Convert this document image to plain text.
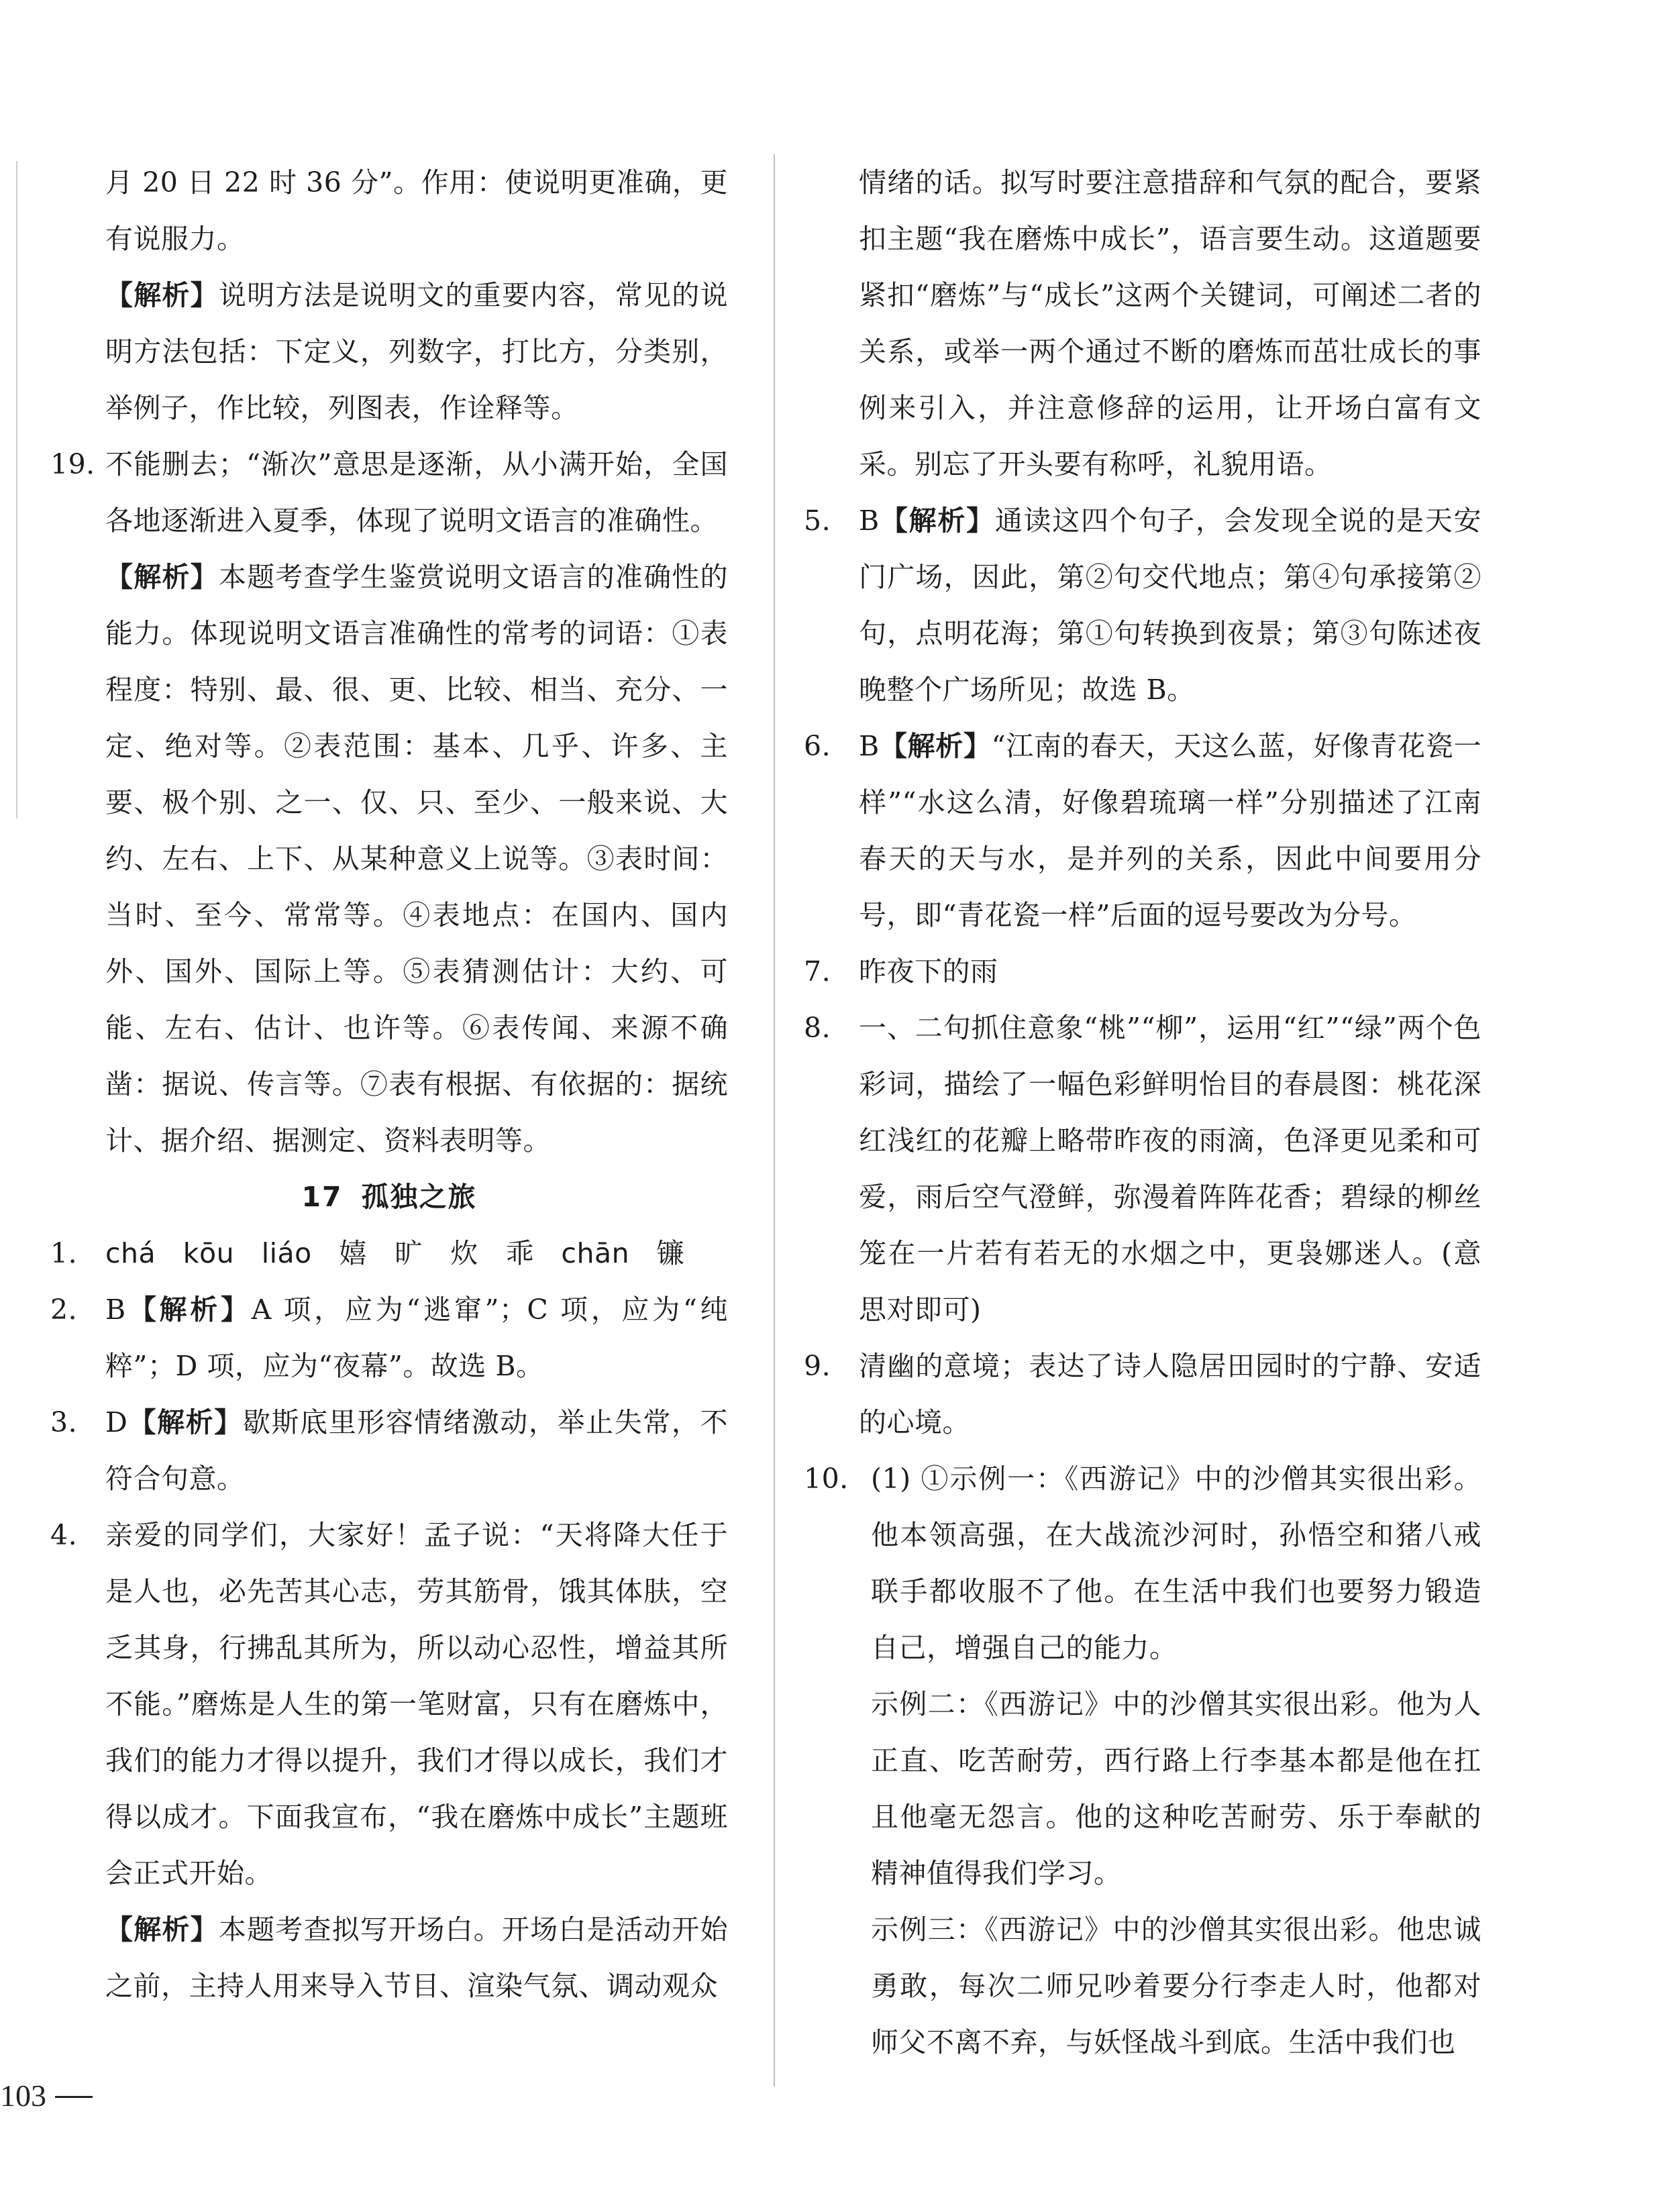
月 20 日 22 时 36 分”。作用：使说明更准确，更有说服力。

【解析】说明方法是说明文的重要内容，常见的说明方法包括：下定义，列数字，打比方，分类别，举例子，作比较，列图表，作诠释等。

19. 不能删去；“渐次”意思是逐渐，从小满开始，全国各地逐渐进入夏季，体现了说明文语言的准确性。

【解析】本题考查学生鉴赏说明文语言的准确性的能力。体现说明文语言准确性的常考的词语：①表程度：特别、最、很、更、比较、相当、充分、一定、绝对等。②表范围：基本、几乎、许多、主要、极个别、之一、仅、只、至少、一般来说、大约、左右、上下、从某种意义上说等。③表时间：当时、至今、常常等。④表地点：在国内、国内外、国外、国际上等。⑤表猜测估计：大约、可能、左右、估计、也许等。⑥表传闻、来源不确凿：据说、传言等。⑦表有根据、有依据的：据统计、据介绍、据测定、资料表明等。

17 孤独之旅

1. chá kōu liáo 嬉　旷　炊　乖 chān 镰

2. B【解析】A 项，应为“逃窜”；C 项，应为“纯粹”；D 项，应为“夜幕”。故选 B。

3. D【解析】歇斯底里形容情绪激动，举止失常，不符合句意。

4. 亲爱的同学们，大家好！孟子说：“天将降大任于是人也，必先苦其心志，劳其筋骨，饿其体肤，空乏其身，行拂乱其所为，所以动心忍性，增益其所不能。”磨炼是人生的第一笔财富，只有在磨炼中，我们的能力才得以提升，我们才得以成长，我们才得以成才。下面我宣布，“我在磨炼中成长”主题班会正式开始。

【解析】本题考查拟写开场白。开场白是活动开始之前，主持人用来导入节目、渲染气氛、调动观众

情绪的话。拟写时要注意措辞和气氛的配合，要紧扣主题“我在磨炼中成长”，语言要生动。这道题要紧扣“磨炼”与“成长”这两个关键词，可阐述二者的关系，或举一两个通过不断的磨炼而茁壮成长的事例来引入，并注意修辞的运用，让开场白富有文采。别忘了开头要有称呼，礼貌用语。

5. B【解析】通读这四个句子，会发现全说的是天安门广场，因此，第②句交代地点；第④句承接第②句，点明花海；第①句转换到夜景；第③句陈述夜晚整个广场所见；故选 B。

6. B【解析】“江南的春天，天这么蓝，好像青花瓷一样”“水这么清，好像碧琉璃一样”分别描述了江南春天的天与水，是并列的关系，因此中间要用分号，即“青花瓷一样”后面的逗号要改为分号。

7. 昨夜下的雨

8. 一、二句抓住意象“桃”“柳”，运用“红”“绿”两个色彩词，描绘了一幅色彩鲜明怡目的春晨图：桃花深红浅红的花瓣上略带昨夜的雨滴，色泽更见柔和可爱，雨后空气澄鲜，弥漫着阵阵花香；碧绿的柳丝笼在一片若有若无的水烟之中，更袅娜迷人。(意思对即可)

9. 清幽的意境；表达了诗人隐居田园时的宁静、安适的心境。

10. (1) ①示例一：《西游记》中的沙僧其实很出彩。他本领高强，在大战流沙河时，孙悟空和猪八戒联手都收服不了他。在生活中我们也要努力锻造自己，增强自己的能力。

示例二：《西游记》中的沙僧其实很出彩。他为人正直、吃苦耐劳，西行路上行李基本都是他在扛且他毫无怨言。他的这种吃苦耐劳、乐于奉献的精神值得我们学习。

示例三：《西游记》中的沙僧其实很出彩。他忠诚勇敢，每次二师兄吵着要分行李走人时，他都对师父不离不弃，与妖怪战斗到底。生活中我们也

103
